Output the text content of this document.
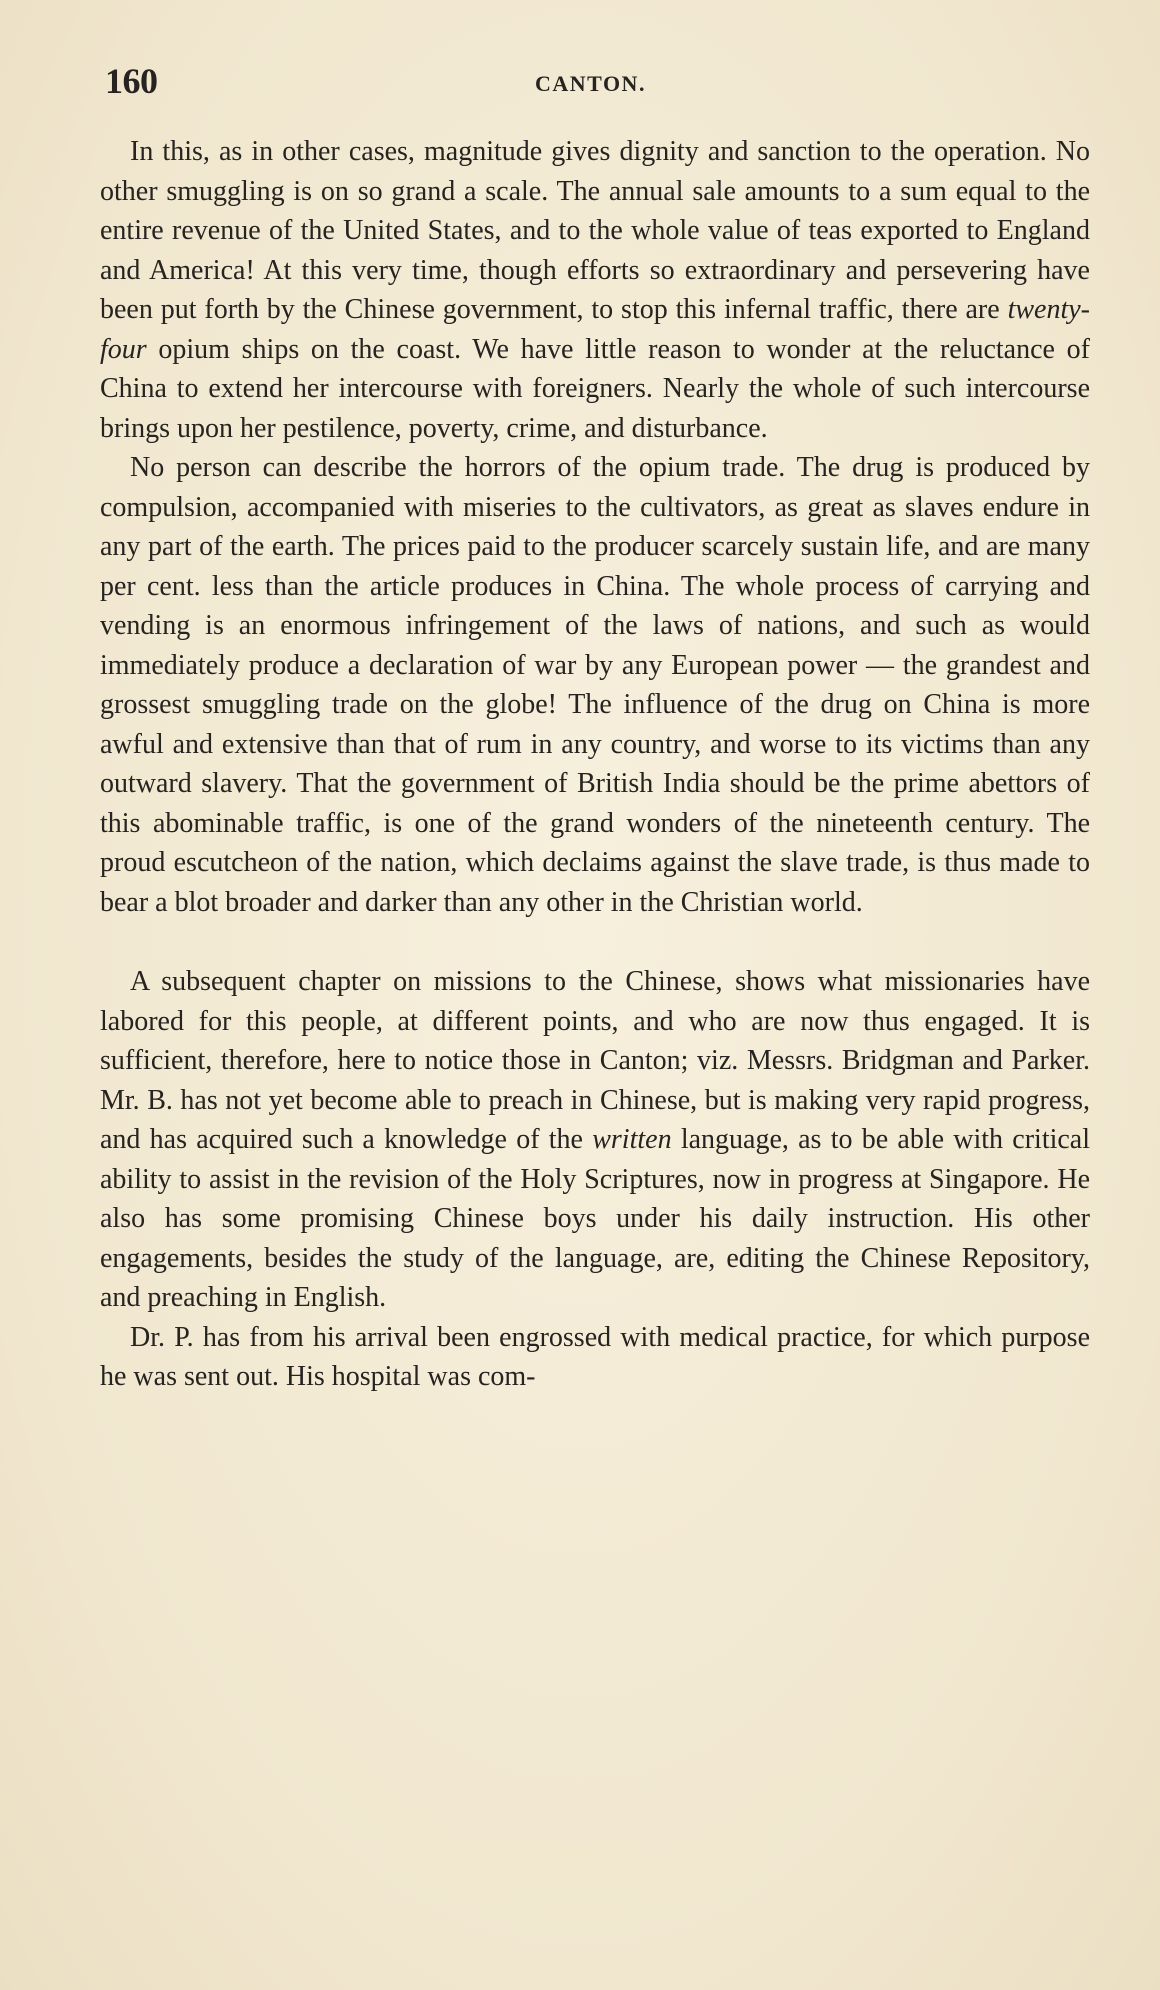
160	CANTON.

In this, as in other cases, magnitude gives dignity and sanction to the operation. No other smuggling is on so grand a scale. The annual sale amounts to a sum equal to the entire revenue of the United States, and to the whole value of teas exported to England and America! At this very time, though efforts so extraordinary and persevering have been put forth by the Chinese government, to stop this infernal traffic, there are twenty-four opium ships on the coast. We have little reason to wonder at the reluctance of China to extend her intercourse with foreigners. Nearly the whole of such intercourse brings upon her pestilence, poverty, crime, and disturbance.

No person can describe the horrors of the opium trade. The drug is produced by compulsion, accompanied with miseries to the cultivators, as great as slaves endure in any part of the earth. The prices paid to the producer scarcely sustain life, and are many per cent. less than the article produces in China. The whole process of carrying and vending is an enormous infringement of the laws of nations, and such as would immediately produce a declaration of war by any European power — the grandest and grossest smuggling trade on the globe! The influence of the drug on China is more awful and extensive than that of rum in any country, and worse to its victims than any outward slavery. That the government of British India should be the prime abettors of this abominable traffic, is one of the grand wonders of the nineteenth century. The proud escutcheon of the nation, which declaims against the slave trade, is thus made to bear a blot broader and darker than any other in the Christian world.

A subsequent chapter on missions to the Chinese, shows what missionaries have labored for this people, at different points, and who are now thus engaged. It is sufficient, therefore, here to notice those in Canton; viz. Messrs. Bridgman and Parker. Mr. B. has not yet become able to preach in Chinese, but is making very rapid progress, and has acquired such a knowledge of the written language, as to be able with critical ability to assist in the revision of the Holy Scriptures, now in progress at Singapore. He also has some promising Chinese boys under his daily instruction. His other engagements, besides the study of the language, are, editing the Chinese Repository, and preaching in English.

Dr. P. has from his arrival been engrossed with medical practice, for which purpose he was sent out. His hospital was com-
